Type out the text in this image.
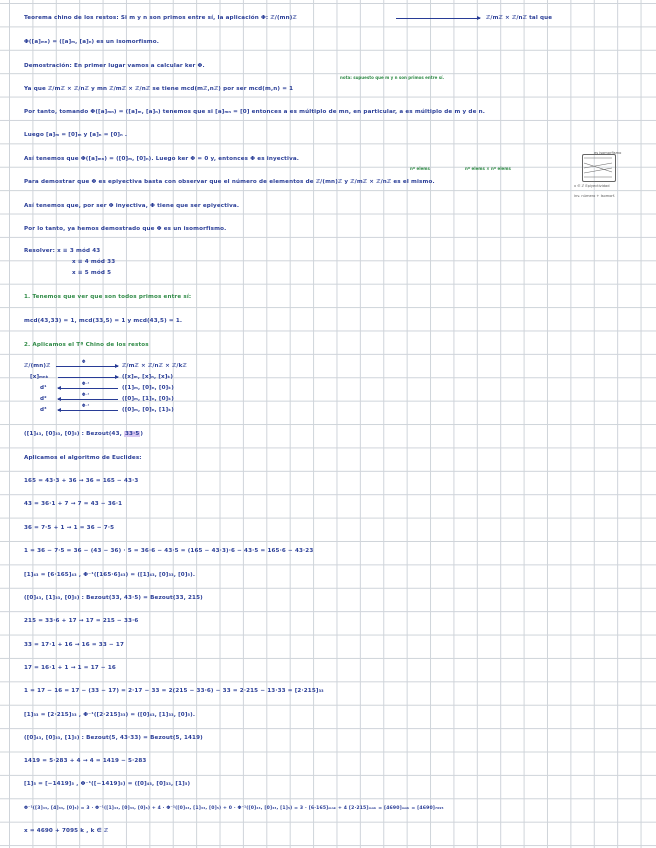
Teorema chino de los restos: Si m y n son primos entre sí, la aplicación Φ: ℤ/(mn)ℤ	ℤ/mℤ × ℤ/nℤ tal que
Φ([a]ₘₙ) = ([a]ₘ, [a]ₙ) es un isomorfismo.
Demostración: En primer lugar vamos a calcular ker Φ.
nota: supuesto que m y n son primos entre sí.
Ya que ℤ/mℤ × ℤ/nℤ y mn ℤ/mℤ × ℤ/nℤ se tiene mcd(mℤ,nℤ) por ser mcd(m,n) = 1
Por tanto, tomando Φ([a]ₘₙ) = ([a]ₘ, [a]ₙ) tenemos que si [a]ₘₙ = [0] entonces a es múltiplo de mn, en particular, a es múltiplo de m y de n.
Luego [a]ₘ = [0]ₘ y [a]ₙ = [0]ₙ .
Así tenemos que Φ([a]ₘₙ) = ([0]ₘ, [0]ₙ). Luego ker Φ = 0 y, entonces Φ es inyectiva.
nº elems	nº elems × nº elems
Para demostrar que Φ es epiyectiva basta con observar que el número de elementos de ℤ/(mn)ℤ y ℤ/mℤ × ℤ/nℤ es el mismo.
Así tenemos que, por ser Φ inyectiva, Φ tiene que ser epiyectiva.
Por lo tanto, ya hemos demostrado que Φ es un isomorfismo.
es isomorfismo
x ∈ ℤ Epiyectividad
inv. número + Isomorf.
Resolver: x ≡ 3 mód 43
x ≡ 4 mód 33
x ≡ 5 mód 5
1. Tenemos que ver que son todos primos entre sí:
mcd(43,33) = 1, mcd(33,5) = 1 y mcd(43,5) = 1.
2. Aplicamos el Tª Chino de los restos
ℤ/(mn)ℤ
Φ
ℤ/mℤ × ℤ/nℤ × ℤ/kℤ
[x]ₘₙₖ	([x]ₘ, [x]ₙ, [x]ₖ)
d¹
Φ⁻¹
([1]ₘ, [0]ₙ, [0]ₖ)
d²
Φ⁻¹
([0]ₘ, [1]ₙ, [0]ₖ)
d³
Φ⁻¹
([0]ₘ, [0]ₙ, [1]ₖ)
([1]₄₃, [0]₃₃, [0]₅) : Bezout(43, 33·5)
Aplicamos el algoritmo de Euclides:
165 = 43·3 + 36 → 36 = 165 − 43·3
43 = 36·1 + 7 → 7 = 43 − 36·1
36 = 7·5 + 1 → 1 = 36 − 7·5
1 = 36 − 7·5 = 36 − (43 − 36) · 5 = 36·6 − 43·5 = (165 − 43·3)·6 − 43·5 = 165·6 − 43·23
[1]₄₃ = [6·165]₄₃ , Φ⁻¹([165·6]₄₃) = ([1]₄₃, [0]₃₃, [0]₅).
([0]₄₃, [1]₃₃, [0]₅) : Bezout(33, 43·5) = Bezout(33, 215)
215 = 33·6 + 17 → 17 = 215 − 33·6
33 = 17·1 + 16 → 16 = 33 − 17
17 = 16·1 + 1 → 1 = 17 − 16
1 = 17 − 16 = 17 − (33 − 17) = 2·17 − 33 = 2(215 − 33·6) − 33 = 2·215 − 13·33 = [2·215]₃₃
[1]₃₃ = [2·215]₃₃ , Φ⁻¹([2·215]₃₃) = ([0]₄₃, [1]₃₃, [0]₅).
([0]₄₃, [0]₃₃, [1]₅) : Bezout(5, 43·33) = Bezout(5, 1419)
1419 = 5·283 + 4 → 4 = 1419 − 5·283
[1]₅ = [−1419]₅ , Φ⁻¹([−1419]₅) = ([0]₄₃, [0]₃₃, [1]₅)
Φ⁻¹([3]₄₃, [4]₃₃, [0]₅) = 3 · Φ⁻¹([1]₄₃, [0]₃₃, [0]₅) + 4 · Φ⁻¹([0]₄₃, [1]₃₃, [0]₅) + 0 · Φ⁻¹([0]₄₃, [0]₃₃, [1]₅) = 3 · [6·165]ₘₙₖ + 4 [2·215]ₘₙₖ = [4690]ₘₙₖ = [4690]₇₀₉₅
x = 4690 + 7095 k , k ∈ ℤ
